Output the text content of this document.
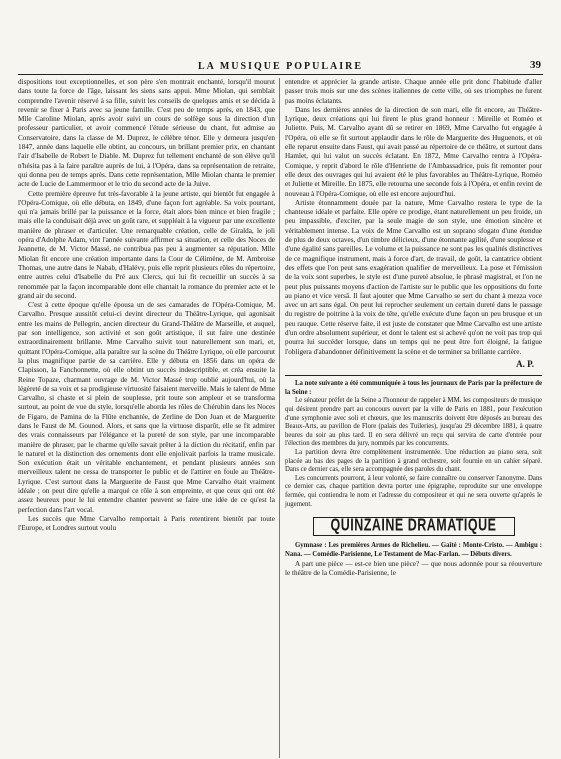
LA MUSIQUE POPULAIRE	39

dispositions tout exceptionnelles, et son père s'en montrait enchanté, lorsqu'il mourut dans toute la force de l'âge, laissant les siens sans appui. Mme Miolan, qui semblait comprendre l'avenir réservé à sa fille, suivit les conseils de quelques amis et se décida à revenir se fixer à Paris avec sa jeune famille. C'est peu de temps après, en 1843, que Mlle Caroline Miolan, après avoir suivi un cours de solfège sous la direction d'un professeur particulier, et avoir commencé l'étude sérieuse du chant, fut admise au Conservatoire, dans la classe de M. Duprez, le célèbre ténor. Elle y demeura jusqu'en 1847, année dans laquelle elle obtint, au concours, un brillant premier prix, en chantant l'air d'Isabelle de Robert le Diable. M. Duprez fut tellement enchanté de son élève qu'il n'hésita pas à la faire paraître auprès de lui, à l'Opéra, dans sa représentation de retraite, qui donna peu de temps après. Dans cette représentation, Mlle Miolan chanta le premier acte de Lucie de Lammermoor et le trio du second acte de la Juive.

Cette première épreuve fut très-favorable à la jeune artiste, qui bientôt fut engagée à l'Opéra-Comique, où elle débuta, en 1849, d'une façon fort agréable. Sa voix pourtant, qui n'a jamais brillé par la puissance et la force, était alors bien mince et bien fragile ; mais elle la conduisait déjà avec un goût rare, et suppléait à la vigueur par une excellente manière de phraser et d'articuler. Une remarquable création, celle de Giralda, le joli opéra d'Adolphe Adam, vint l'année suivante affirmer sa situation, et celle des Noces de Jeannette, de M. Victor Massé, ne contribua pas peu à augmenter sa réputation. Mlle Miolan fit encore une création importante dans la Cour de Célimène, de M. Ambroise Thomas, une autre dans le Nabab, d'Halévy, puis elle reprit plusieurs rôles du répertoire, entre autres celui d'Isabelle du Pré aux Clercs, qui lui fit recueillir un succès à sa renommée par la façon incomparable dont elle chantait la romance du premier acte et le grand air du second.

C'est à cette époque qu'elle épousa un de ses camarades de l'Opéra-Comique, M. Carvalho. Presque aussitôt celui-ci devint directeur du Théâtre-Lyrique, qui agonisait entre les mains de Pellegrin, ancien directeur du Grand-Théâtre de Marseille, et auquel, par son intelligence, son activité et son goût artistique, il sut faire une destinée extraordinairement brillante. Mme Carvalho suivit tout naturellement son mari, et, quittant l'Opéra-Comique, alla paraître sur la scène du Théâtre Lyrique, où elle parcourut la plus magnifique partie de sa carrière. Elle y débuta en 1856 dans un opéra de Clapisson, la Fanchonnette, où elle obtint un succès indescriptible, et créa ensuite la Reine Topaze, charmant ouvrage de M. Victor Massé trop oublié aujourd'hui, où la légèreté de sa voix et sa prodigieuse virtuosité faisaient merveille. Mais le talent de Mme Carvalho, si chaste et si plein de souplesse, prit toute son ampleur et se transforma surtout, au point de vue du style, lorsqu'elle aborda les rôles de Chérubin dans les Noces de Figaro, de Pamina de la Flûte enchantée, de Zerline de Don Juan et de Marguerite dans le Faust de M. Gounod. Alors, et sans que la virtuose disparût, elle se fit admirer des vrais connaisseurs par l'élégance et la pureté de son style, par une incomparable manière de phraser, par le charme qu'elle savait prêter à la diction du récitatif, enfin par le naturel et la distinction des ornements dont elle enjolivait parfois la trame musicale. Son exécution était un véritable enchantement, et pendant plusieurs années son merveilleux talent ne cessa de transporter le public et de l'attirer en foule au Théâtre-Lyrique. C'est surtout dans la Marguerite de Faust que Mme Carvalho était vraiment idéale ; on peut dire qu'elle a marqué ce rôle à son empreinte, et que ceux qui ont été assez heureux pour le lui entendre chanter peuvent se faire une idée de ce qu'est la perfection dans l'art vocal.

Les succès que Mme Carvalho remportait à Paris retentirent bientôt par toute l'Europe, et Londres surtout voulu

entendre et apprécier la grande artiste. Chaque année elle prit donc l'habitude d'aller passer trois mois sur une des scènes italiennes de cette ville, où ses triomphes ne furent pas moins éclatants.

Dans les dernières années de la direction de son mari, elle fit encore, au Théâtre-Lyrique, deux créations qui lui firent le plus grand honneur : Mireille et Roméo et Juliette. Puis, M. Carvalho ayant dû se retirer en 1869, Mme Carvalho fut engagée à l'Opéra, où elle se fit surtout applaudir dans le rôle de Marguerite des Huguenots, et où elle reparut ensuite dans Faust, qui avait passé au répertoire de ce théâtre, et surtout dans Hamlet, qui lui valut un succès éclatant. En 1872, Mme Carvalho rentra à l'Opéra-Comique, y reprit d'abord le rôle d'Henriette de l'Ambassadrice, puis fit remonter pour elle deux des ouvrages qui lui avaient été le plus favorables au Théâtre-Lyrique, Roméo et Juliette et Mireille. En 1875, elle retourna une seconde fois à l'Opéra, et enfin revint de nouveau à l'Opéra-Comique, où elle est encore aujourd'hui.

Artiste étonnamment douée par la nature, Mme Carvalho restera le type de la chanteuse idéale et parfaite. Elle opère ce prodige, étant naturellement un peu froide, un peu impassible, d'exciter, par la seule magie de son style, une émotion sincère et véritablement intense. La voix de Mme Carvalho est un soprano sfogato d'une étendue de plus de deux octaves, d'un timbre délicieux, d'une étonnante agilité, d'une souplesse et d'une égalité sans pareilles. Le volume et la puissance ne sont pas les qualités distinctives de ce magnifique instrument, mais à force d'art, de travail, de goût, la cantatrice obtient des effets que l'on peut sans exagération qualifier de merveilleux. La pose et l'émission de la voix sont superbes, le style est d'une pureté absolue, le phrasé magistral, et l'on ne peut plus puissants moyens d'action de l'artiste sur le public que les oppositions du forte au piano et vice versâ. Il faut ajouter que Mme Carvalho se sert du chant à mezza voce avec un art sans égal. On peut lui reprocher seulement un certain dureté dans le passage du registre de poitrine à la voix de tête, qu'elle exécute d'une façon un peu brusque et un peu rauque. Cette réserve faite, il est juste de constater que Mme Carvalho est une artiste d'un ordre absolument supérieur, et dont le talent est si achevé qu'on ne voit pas trop qui pourra lui succéder lorsque, dans un temps qui ne peut être fort éloigné, la fatigue l'obligera d'abandonner définitivement la scène et de terminer sa brillante carrière.

A. P.

La note suivante a été communiquée à tous les journaux de Paris par la préfecture de la Seine :

Le sénateur préfet de la Seine a l'honneur de rappeler à MM. les compositeurs de musique qui désirent prendre part au concours ouvert par la ville de Paris en 1881, pour l'exécution d'une symphonie avec soli et chœurs, que les manuscrits doivent être déposés au bureau des Beaux-Arts, au pavillon de Flore (palais des Tuileries), jusqu'au 29 décembre 1881, à quatre heures du soir au plus tard. Il en sera délivré un reçu qui servira de carte d'entrée pour l'élection des membres du jury, nommés par les concurrents.

La partition devra être complètement instrumentée. Une réduction au piano sera, soit placée au bas des pages de la partition à grand orchestre, soit fournie en un cahier séparé. Dans ce dernier cas, elle sera accompagnée des paroles du chant.

Les concurrents pourront, à leur volonté, se faire connaître ou conserver l'anonyme. Dans ce dernier cas, chaque partition devra porter une épigraphe, reproduite sur une enveloppe fermée, qui contiendra le nom et l'adresse du compositeur et qui ne sera ouverte qu'après le jugement.

QUINZAINE DRAMATIQUE

Gymnase : Les premières Armes de Richelieu. — Gaîté : Monte-Cristo. — Ambigu : Nana. — Comédie-Parisienne, Le Testament de Mac-Farlan. — Débuts divers.

A part une pièce — est-ce bien une pièce? — que nous adonnée pour sa réouverture le théâtre de la Comédie-Parisienne, le
